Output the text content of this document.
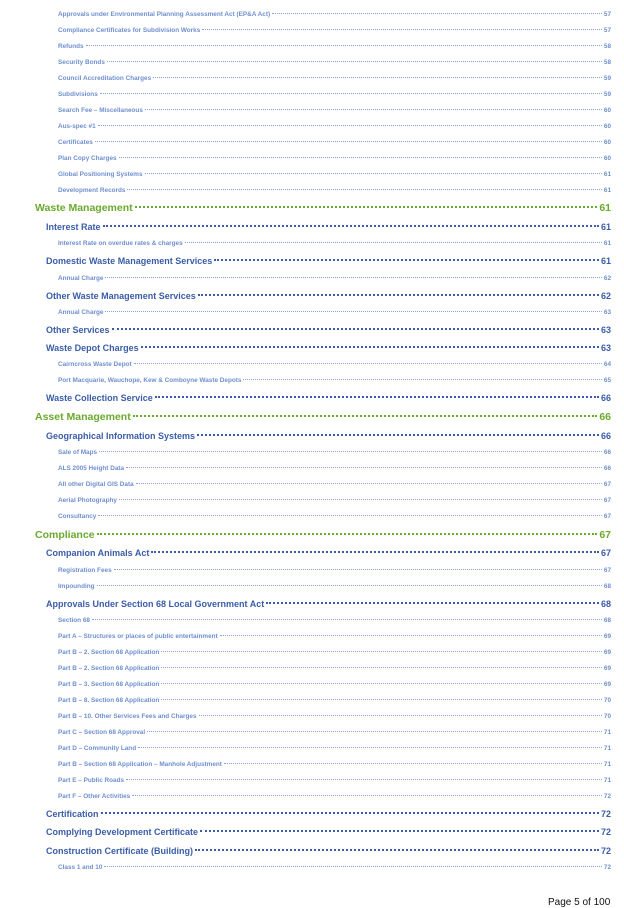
Approvals under Environmental Planning Assessment Act (EP&A Act)	57
Compliance Certificates for Subdivision Works	57
Refunds	58
Security Bonds	58
Council Accreditation Charges	59
Subdivisions	59
Search Fee – Miscellaneous	60
Aus-spec #1	60
Certificates	60
Plan Copy Charges	60
Global Positioning Systems	61
Development Records	61
Waste Management	61
Interest Rate	61
Interest Rate on overdue rates & charges	61
Domestic Waste Management Services	61
Annual Charge	62
Other Waste Management Services	62
Annual Charge	63
Other Services	63
Waste Depot Charges	63
Cairncross Waste Depot	64
Port Macquarie, Wauchope, Kew & Comboyne Waste Depots	65
Waste Collection Service	66
Asset Management	66
Geographical Information Systems	66
Sale of Maps	66
ALS 2005 Height Data	66
All other Digital GIS Data	67
Aerial Photography	67
Consultancy	67
Compliance	67
Companion Animals Act	67
Registration Fees	67
Impounding	68
Approvals Under Section 68 Local Government Act	68
Section 68	68
Part A – Structures or places of public entertainment	69
Part B – 2. Section 68 Application	69
Part B – 2. Section 68 Application	69
Part B – 3. Section 68 Application	69
Part B – 8. Section 68 Application	70
Part B – 10. Other Services Fees and Charges	70
Part C – Section 68 Approval	71
Part D – Community Land	71
Part B – Section 68 Application – Manhole Adjustment	71
Part E – Public Roads	71
Part F – Other Activities	72
Certification	72
Complying Development Certificate	72
Construction Certificate (Building)	72
Class 1 and 10	72
Page 5 of 100
